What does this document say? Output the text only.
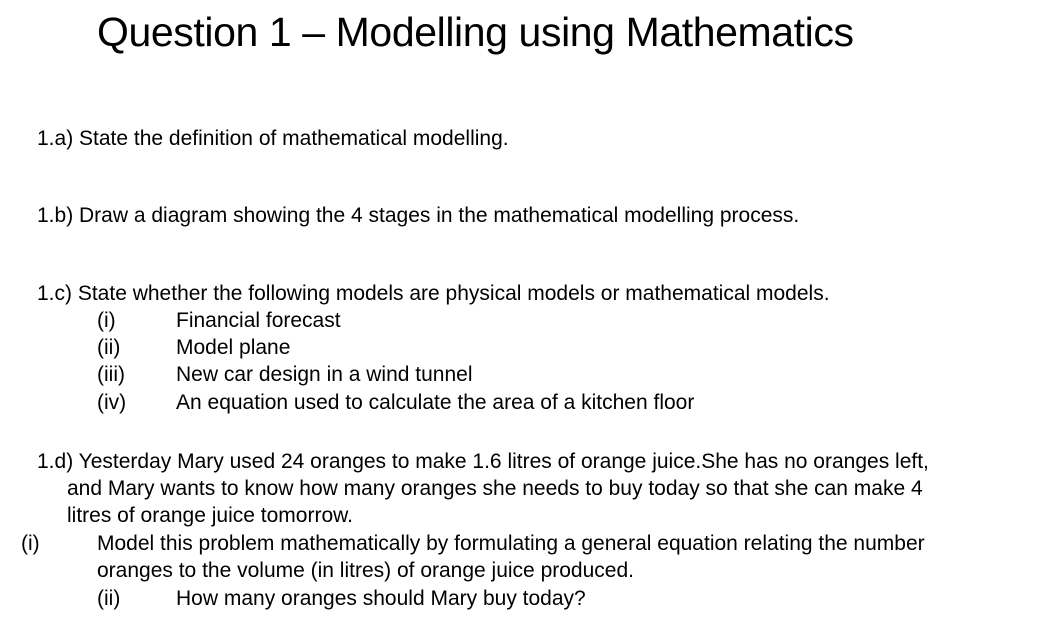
Question 1 – Modelling using Mathematics

1.a) State the definition of mathematical modelling.

1.b) Draw a diagram showing the 4 stages in the mathematical modelling process.

1.c) State whether the following models are physical models or mathematical models.

(i)	Financial forecast
(ii)	Model plane
(iii) New car design in a wind tunnel
(iv) An equation used to calculate the area of a kitchen floor

1.d) Yesterday Mary used 24 oranges to make 1.6 litres of orange juice.She has no oranges left,

and Mary wants to know how many oranges she needs to buy today so that she can make 4

litres of orange juice tomorrow.

(i)	Model this problem mathematically by formulating a general equation relating the number

oranges to the volume (in litres) of orange juice produced.

(ii)	How many oranges should Mary buy today?
